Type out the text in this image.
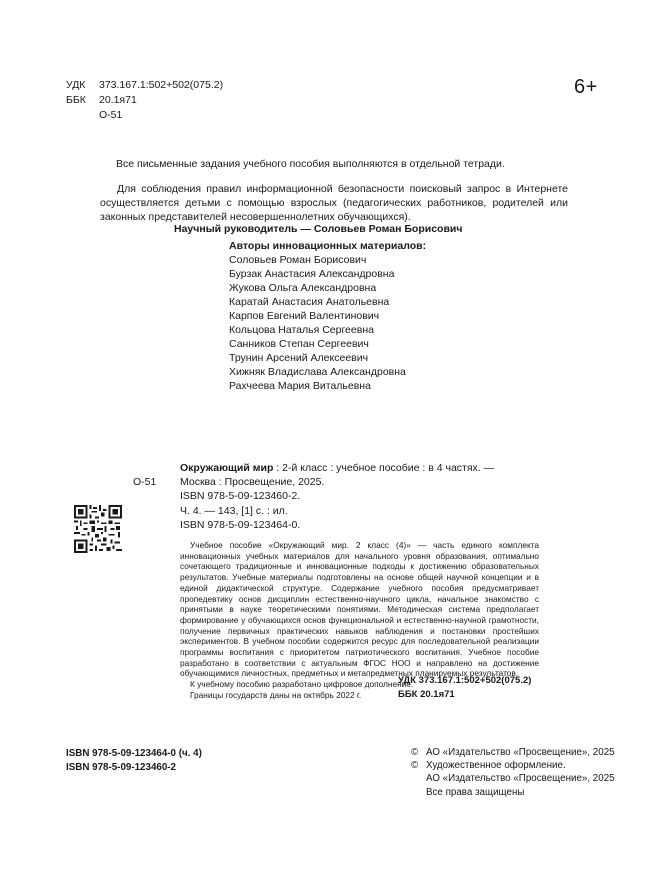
УДК 373.167.1:502+502(075.2)
ББК 20.1я71
О-51
6+
Все письменные задания учебного пособия выполняются в отдельной тетради.
Для соблюдения правил информационной безопасности поисковый запрос в Интернете осуществляется детьми с помощью взрослых (педагогических работников, родителей или законных представителей несовершеннолетних обучающихся).
Научный руководитель — Соловьев Роман Борисович
Авторы инновационных материалов:
Соловьев Роман Борисович
Бурзак Анастасия Александровна
Жукова Ольга Александровна
Каратай Анастасия Анатольевна
Карпов Евгений Валентинович
Кольцова Наталья Сергеевна
Санников Степан Сергеевич
Трунин Арсений Алексеевич
Хижняк Владислава Александровна
Рахчеева Мария Витальевна
Окружающий мир : 2-й класс : учебное пособие : в 4 частях. —
О-51 Москва : Просвещение, 2025.
ISBN 978-5-09-123460-2.
Ч. 4. — 143, [1] с. : ил.
ISBN 978-5-09-123464-0.

Учебное пособие «Окружающий мир. 2 класс (4)» — часть единого комплекта инновационных учебных материалов для начального уровня образования, оптимально сочетающего традиционные и инновационные подходы к достижению образовательных результатов. Учебные материалы подготовлены на основе общей научной концепции и в единой дидактической структуре. Содержание учебного пособия предусматривает пропедевтику основ дисциплин естественно-научного цикла, начальное знакомство с принятыми в науке теоретическими понятиями. Методическая система предполагает формирование у обучающихся основ функциональной и естественно-научной грамотности, получение первичных практических навыков наблюдения и постановки простейших экспериментов. В учебном пособии содержится ресурс для последовательной реализации программы воспитания с приоритетом патриотического воспитания. Учебное пособие разработано в соответствии с актуальным ФГОС НОО и направлено на достижение обучающимися личностных, предметных и метапредметных планируемых результатов.

К учебному пособию разработано цифровое дополнение.

Границы государств даны на октябрь 2022 г.

УДК 373.167.1:502+502(075.2)
ББК 20.1я71
ISBN 978-5-09-123464-0 (ч. 4)
ISBN 978-5-09-123460-2
© АО «Издательство «Просвещение», 2025
© Художественное оформление.
АО «Издательство «Просвещение», 2025
Все права защищены
